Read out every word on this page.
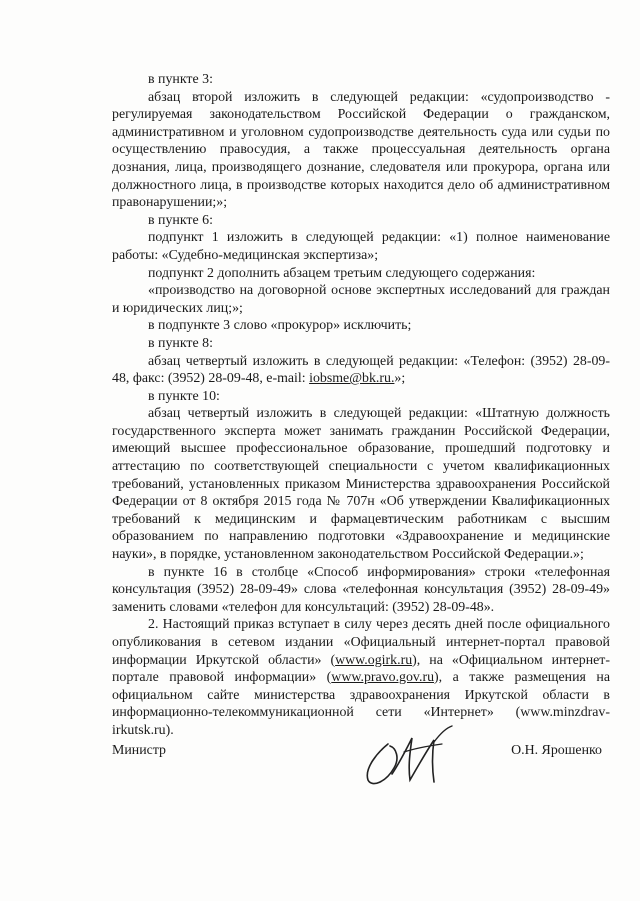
в пункте 3:

абзац второй изложить в следующей редакции: «судопроизводство - регулируемая законодательством Российской Федерации о гражданском, административном и уголовном судопроизводстве деятельность суда или судьи по осуществлению правосудия, а также процессуальная деятельность органа дознания, лица, производящего дознание, следователя или прокурора, органа или должностного лица, в производстве которых находится дело об административном правонарушении;»;

в пункте 6:

подпункт 1 изложить в следующей редакции: «1) полное наименование работы: «Судебно-медицинская экспертиза»;

подпункт 2 дополнить абзацем третьим следующего содержания:

«производство на договорной основе экспертных исследований для граждан и юридических лиц;»;

в подпункте 3 слово «прокурор» исключить;

в пункте 8:

абзац четвертый изложить в следующей редакции: «Телефон: (3952) 28-09-48, факс: (3952) 28-09-48, e-mail: iobsme@bk.ru.»;

в пункте 10:

абзац четвертый изложить в следующей редакции: «Штатную должность государственного эксперта может занимать гражданин Российской Федерации, имеющий высшее профессиональное образование, прошедший подготовку и аттестацию по соответствующей специальности с учетом квалификационных требований, установленных приказом Министерства здравоохранения Российской Федерации от 8 октября 2015 года № 707н «Об утверждении Квалификационных требований к медицинским и фармацевтическим работникам с высшим образованием по направлению подготовки «Здравоохранение и медицинские науки», в порядке, установленном законодательством Российской Федерации.»;

в пункте 16 в столбце «Способ информирования» строки «телефонная консультация (3952) 28-09-49» слова «телефонная консультация (3952) 28-09-49» заменить словами «телефон для консультаций: (3952) 28-09-48».

2. Настоящий приказ вступает в силу через десять дней после официального опубликования в сетевом издании «Официальный интернет-портал правовой информации Иркутской области» (www.ogirk.ru), на «Официальном интернет-портале правовой информации» (www.pravo.gov.ru), а также размещения на официальном сайте министерства здравоохранения Иркутской области в информационно-телекоммуникационной сети «Интернет» (www.minzdrav-irkutsk.ru).

Министр	О.Н. Ярошенко
